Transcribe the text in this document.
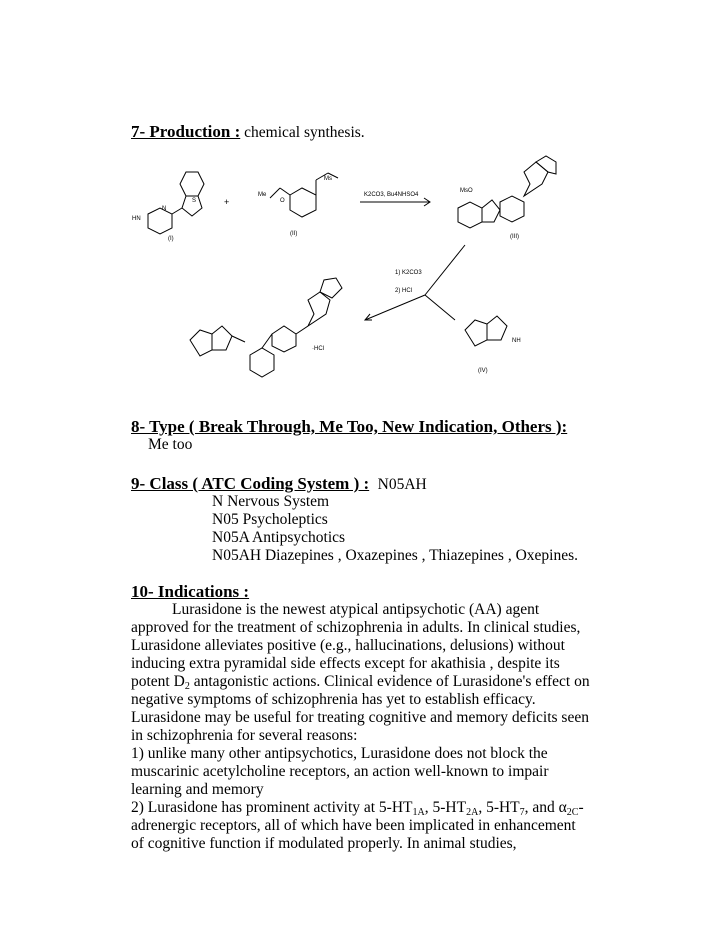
7- Production : chemical synthesis.
(I)
(II)	(III)
(IV)
HN
N
S	+
Me
O
Ms
MsO
K2CO3, Bu4NHSO4
1) K2CO3
2) HCl
·HCl
NH
8- Type ( Break Through, Me Too, New Indication, Others ):
Me too
9- Class ( ATC Coding System ) : N05AH
N Nervous System
N05 Psycholeptics
N05A Antipsychotics
N05AH Diazepines , Oxazepines , Thiazepines , Oxepines.
10- Indications :
Lurasidone is the newest atypical antipsychotic (AA) agent
approved for the treatment of schizophrenia in adults. In clinical studies,
Lurasidone alleviates positive (e.g., hallucinations, delusions) without
inducing extra pyramidal side effects except for akathisia , despite its
potent $D_2$ antagonistic actions. Clinical evidence of Lurasidone's effect on
negative symptoms of schizophrenia has yet to establish efficacy.
Lurasidone may be useful for treating cognitive and memory deficits seen
in schizophrenia for several reasons:
1) unlike many other antipsychotics, Lurasidone does not block the
muscarinic acetylcholine receptors, an action well-known to impair
learning and memory
2) Lurasidone has prominent activity at $5-HT_{1A}$, $5-HT_{2A}$, $5-HT_7$, and $\alpha_{2C}-$
adrenergic receptors, all of which have been implicated in enhancement
of cognitive function if modulated properly. In animal studies,
